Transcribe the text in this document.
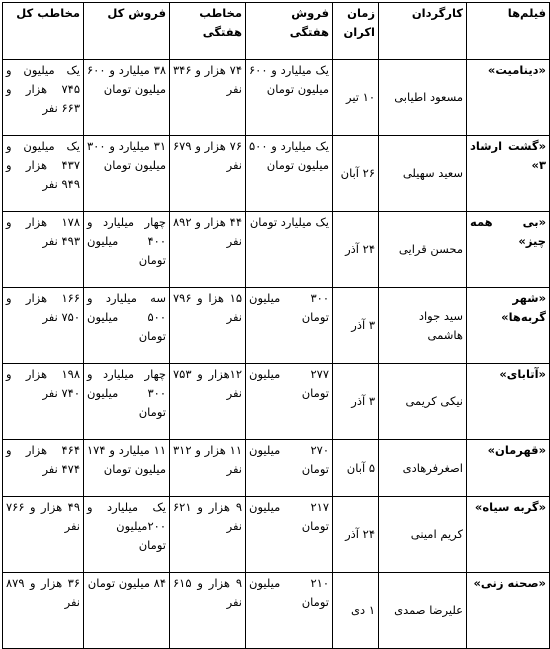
فیلم‌ها	کارگردان	زمان اکران	فروش هفتگی	مخاطب هفتگی	فروش کل	مخاطب کل
«دینامیت»	مسعود اطیابی	۱۰ تیر	یک میلیارد و ۶۰۰ میلیون تومان	۷۴ هزار و ۳۴۶ نفر	۳۸ میلیارد و ۶۰۰ میلیون تومان	یک میلیون و ۷۴۵ هزار و ۶۶۳ نفر
«گشت ارشاد ۳»	سعید سهیلی	۲۶ آبان	یک میلیارد و ۵۰۰ میلیون تومان	۷۶ هزار و ۶۷۹ نفر	۳۱ میلیارد و ۳۰۰ میلیون تومان	یک میلیون و ۴۳۷ هزار و ۹۴۹ نفر
«بی همه چیز»	محسن قرایی	۲۴ آذر	یک میلیارد تومان	۴۴ هزار و ۸۹۲ نفر	چهار میلیارد و ۴۰۰ میلیون تومان	۱۷۸ هزار و ۴۹۳ نفر
«شهر گربه‌ها»	سید جواد هاشمی	۳ آذر	۳۰۰ میلیون تومان	۱۵ هزا و ۷۹۶ نفر	سه میلیارد و ۵۰۰ میلیون تومان	۱۶۶ هزار و ۷۵۰ نفر
«آتابای»	نیکی کریمی	۳ آذر	۲۷۷ میلیون تومان	۱۲هزار و ۷۵۳ نفر	چهار میلیارد و ۳۰۰ میلیون تومان	۱۹۸ هزار و ۷۴۰ نفر
«قهرمان»	اصغرفرهادی	۵ آبان	۲۷۰ میلیون تومان	۱۱ هزار و ۳۱۲ نفر	۱۱ میلیارد و ۱۷۴ میلیون تومان	۴۶۴ هزار و ۴۷۴ نفر
«گربه سیاه»	کریم امینی	۲۴ آذر	۲۱۷ میلیون تومان	۹ هزار و ۶۲۱ نفر	یک میلیارد و ۲۰۰میلیون تومان	۴۹ هزار و ۷۶۶ نفر
«صحنه زنی»	علیرضا صمدی	۱ دی	۲۱۰ میلیون تومان	۹ هزار و ۶۱۵ نفر	۸۴ میلیون تومان	۳۶ هزار و ۸۷۹ نفر
